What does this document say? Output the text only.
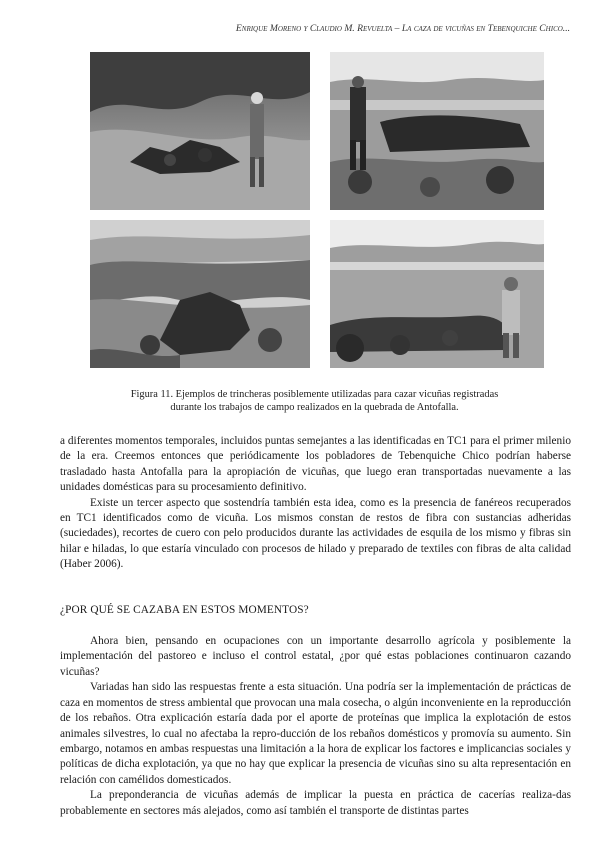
Enrique Moreno y Claudio M. Revuelta – La caza de vicuñas en Tebenquiche Chico...
Figura 11. Ejemplos de trincheras posiblemente utilizadas para cazar vicuñas registradas
durante los trabajos de campo realizados en la quebrada de Antofalla.

a diferentes momentos temporales, incluidos puntas semejantes a las identificadas en TC1 para el primer milenio de la era. Creemos entonces que periódicamente los pobladores de Tebenquiche Chico podrían haberse trasladado hasta Antofalla para la apropiación de vicuñas, que luego eran transportadas nuevamente a las unidades domésticas para su procesamiento definitivo.

Existe un tercer aspecto que sostendría también esta idea, como es la presencia de fanéreos recuperados en TC1 identificados como de vicuña. Los mismos constan de restos de fibra con sustancias adheridas (suciedades), recortes de cuero con pelo producidos durante las actividades de esquila de los mismo y fibras sin hilar e hiladas, lo que estaría vinculado con procesos de hilado y preparado de textiles con fibras de alta calidad (Haber 2006).

¿POR QUÉ SE CAZABA EN ESTOS MOMENTOS?

Ahora bien, pensando en ocupaciones con un importante desarrollo agrícola y posiblemente la implementación del pastoreo e incluso el control estatal, ¿por qué estas poblaciones continuaron cazando vicuñas?

Variadas han sido las respuestas frente a esta situación. Una podría ser la implementación de prácticas de caza en momentos de stress ambiental que provocan una mala cosecha, o algún inconveniente en la reproducción de los rebaños. Otra explicación estaría dada por el aporte de proteínas que implica la explotación de estos animales silvestres, lo cual no afectaba la repro-ducción de los rebaños domésticos y promovía su aumento. Sin embargo, notamos en ambas respuestas una limitación a la hora de explicar los factores e implicancias sociales y políticas de dicha explotación, ya que no hay que explicar la presencia de vicuñas sino su alta representación en relación con camélidos domesticados.

La preponderancia de vicuñas además de implicar la puesta en práctica de cacerías realiza-das probablemente en sectores más alejados, como así también el transporte de distintas partes
